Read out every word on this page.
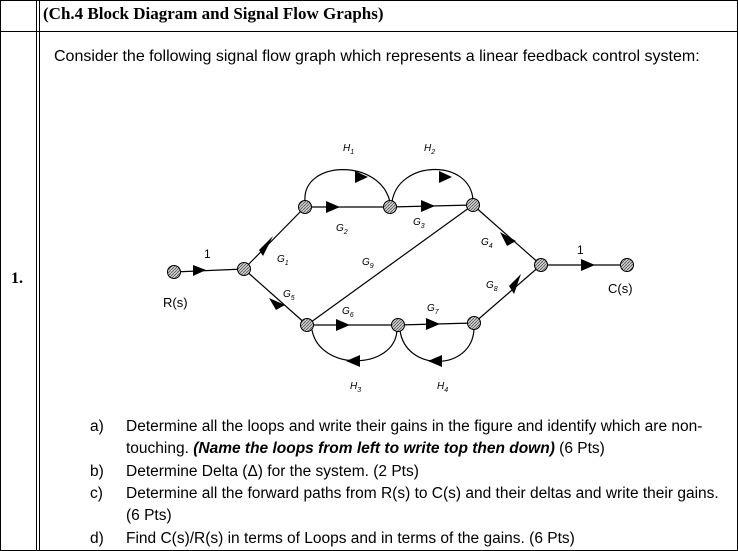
(Ch.4 Block Diagram and Signal Flow Graphs)
1.
Consider the following signal flow graph which represents a linear feedback control system:
1	1
$G_1$
$G_2$
$G_3$
$G_4$
$G_5$
$G_6$
$G_7$
$G_8$
$G_9$
$H_1$	$H_2$
$H_3$	$H_4$
R(s)
C(s)
a)	Determine all the loops and write their gains in the figure and identify which are non-touching. (Name the loops from left to write top then down) (6 Pts)
b)	Determine Delta (Δ) for the system. (2 Pts)
c)	Determine all the forward paths from R(s) to C(s) and their deltas and write their gains. (6 Pts)
d)	Find C(s)/R(s) in terms of Loops and in terms of the gains. (6 Pts)
